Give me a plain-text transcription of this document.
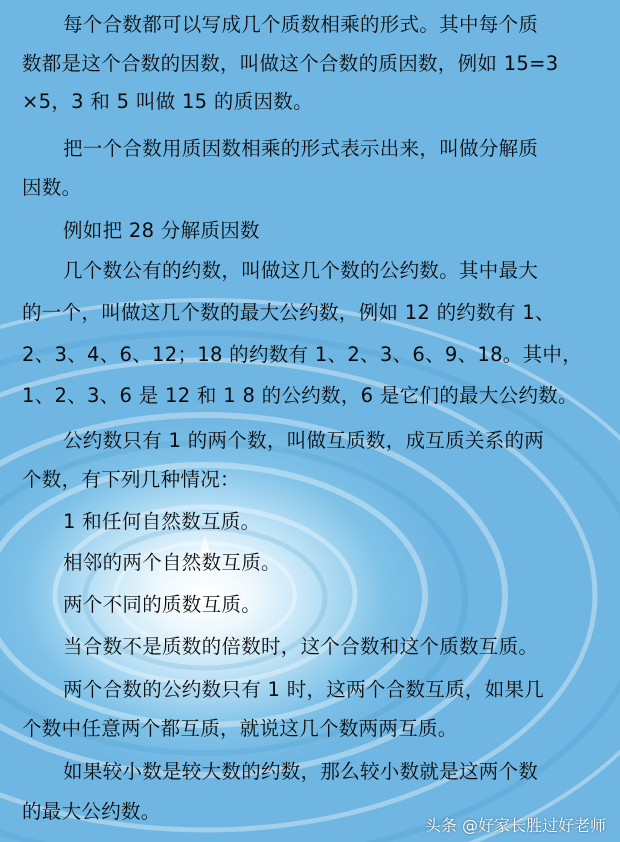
每个合数都可以写成几个质数相乘的形式。其中每个质
数都是这个合数的因数，叫做这个合数的质因数，例如 15=3
×5，3 和 5 叫做 15 的质因数。
把一个合数用质因数相乘的形式表示出来，叫做分解质
因数。
例如把 28 分解质因数
几个数公有的约数，叫做这几个数的公约数。其中最大
的一个，叫做这几个数的最大公约数，例如 12 的约数有 1、
2、3、4、6、12；18 的约数有 1、2、3、6、9、18。其中，
1、2、3、6 是 12 和 1 8 的公约数，6 是它们的最大公约数。
公约数只有 1 的两个数，叫做互质数，成互质关系的两
个数，有下列几种情况：
1 和任何自然数互质。
相邻的两个自然数互质。
两个不同的质数互质。
当合数不是质数的倍数时，这个合数和这个质数互质。
两个合数的公约数只有 1 时，这两个合数互质，如果几
个数中任意两个都互质，就说这几个数两两互质。
如果较小数是较大数的约数，那么较小数就是这两个数
的最大公约数。
头条 @好家长胜过好老师
